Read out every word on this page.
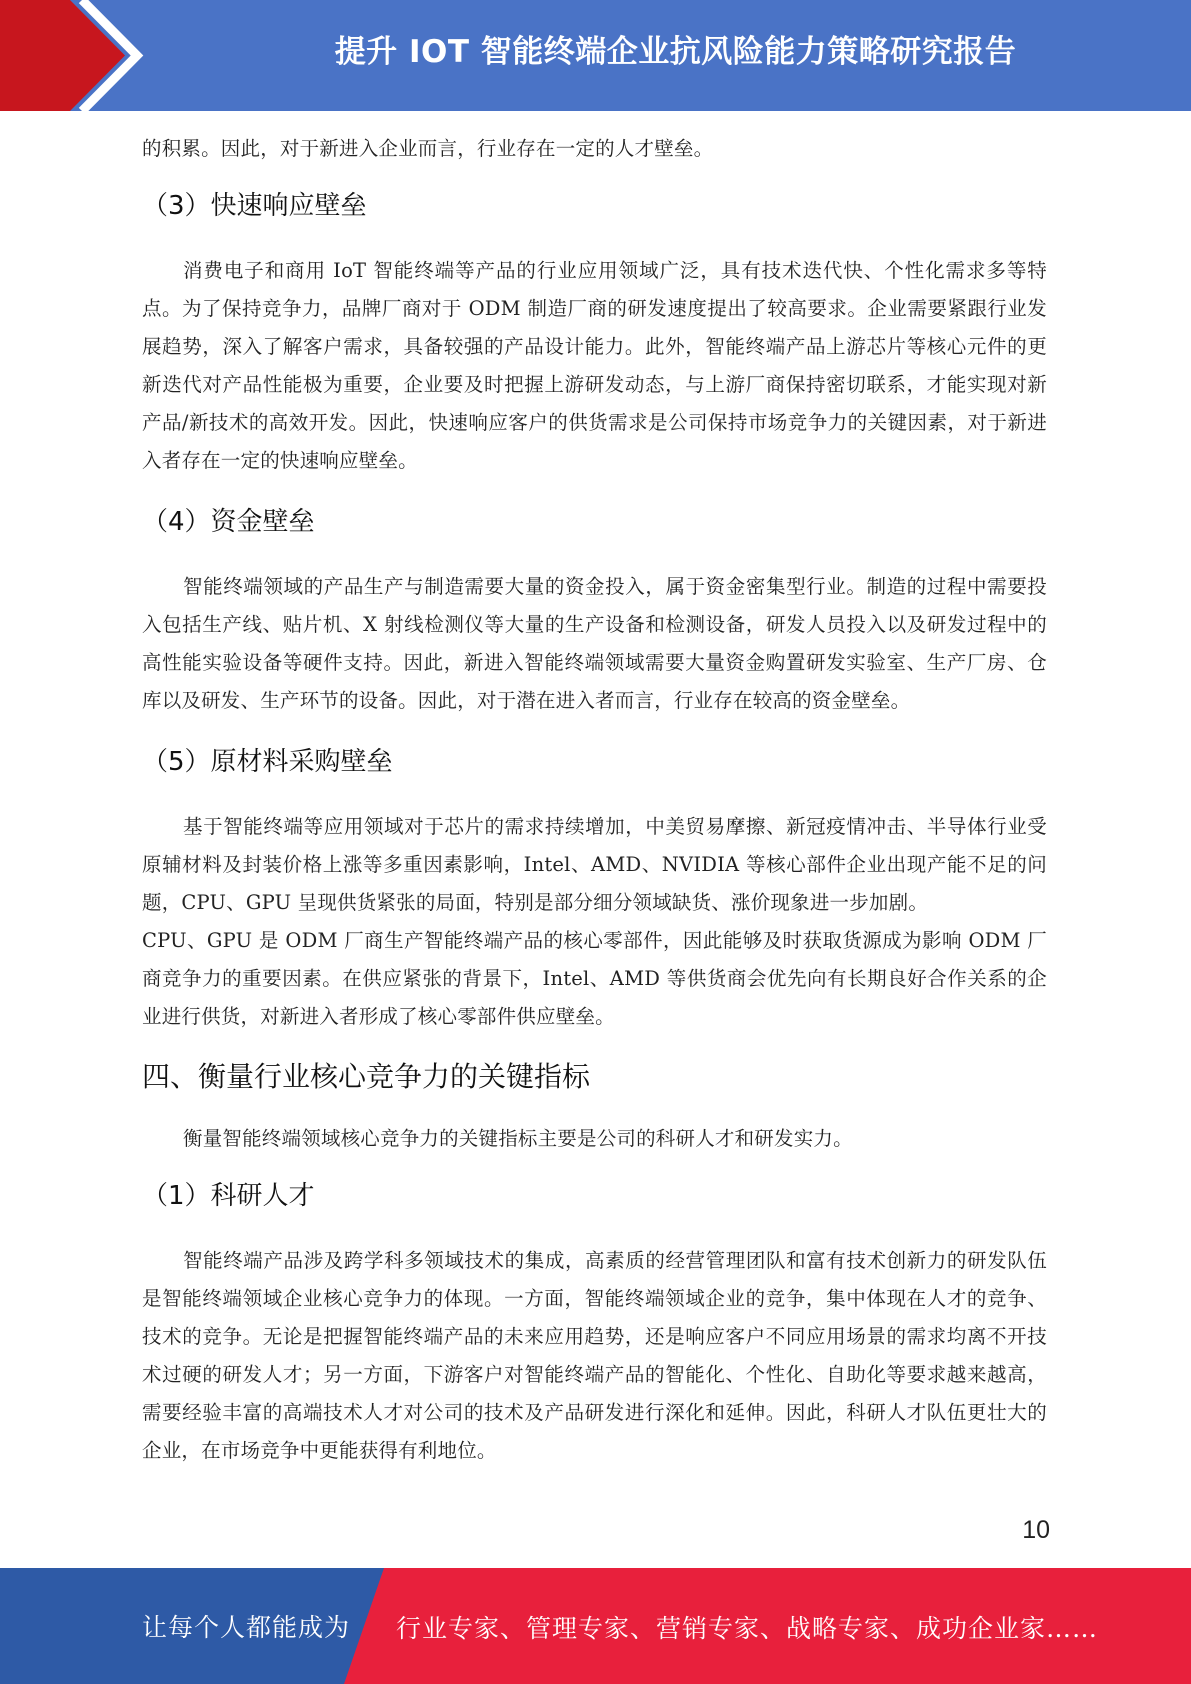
提升 IOT 智能终端企业抗风险能力策略研究报告

的积累。因此，对于新进入企业而言，行业存在一定的人才壁垒。

（3）快速响应壁垒

消费电子和商用 IoT 智能终端等产品的行业应用领域广泛，具有技术迭代快、个性化需求多等特点。为了保持竞争力，品牌厂商对于 ODM 制造厂商的研发速度提出了较高要求。企业需要紧跟行业发展趋势，深入了解客户需求，具备较强的产品设计能力。此外，智能终端产品上游芯片等核心元件的更新迭代对产品性能极为重要，企业要及时把握上游研发动态，与上游厂商保持密切联系，才能实现对新产品/新技术的高效开发。因此，快速响应客户的供货需求是公司保持市场竞争力的关键因素，对于新进入者存在一定的快速响应壁垒。

（4）资金壁垒

智能终端领域的产品生产与制造需要大量的资金投入，属于资金密集型行业。制造的过程中需要投入包括生产线、贴片机、X 射线检测仪等大量的生产设备和检测设备，研发人员投入以及研发过程中的高性能实验设备等硬件支持。因此，新进入智能终端领域需要大量资金购置研发实验室、生产厂房、仓库以及研发、生产环节的设备。因此，对于潜在进入者而言，行业存在较高的资金壁垒。

（5）原材料采购壁垒

基于智能终端等应用领域对于芯片的需求持续增加，中美贸易摩擦、新冠疫情冲击、半导体行业受原辅材料及封装价格上涨等多重因素影响，Intel、AMD、NVIDIA 等核心部件企业出现产能不足的问题，CPU、GPU 呈现供货紧张的局面，特别是部分细分领域缺货、涨价现象进一步加剧。

CPU、GPU 是 ODM 厂商生产智能终端产品的核心零部件，因此能够及时获取货源成为影响 ODM 厂商竞争力的重要因素。在供应紧张的背景下，Intel、AMD 等供货商会优先向有长期良好合作关系的企业进行供货，对新进入者形成了核心零部件供应壁垒。

四、衡量行业核心竞争力的关键指标

衡量智能终端领域核心竞争力的关键指标主要是公司的科研人才和研发实力。

（1）科研人才

智能终端产品涉及跨学科多领域技术的集成，高素质的经营管理团队和富有技术创新力的研发队伍是智能终端领域企业核心竞争力的体现。一方面，智能终端领域企业的竞争，集中体现在人才的竞争、技术的竞争。无论是把握智能终端产品的未来应用趋势，还是响应客户不同应用场景的需求均离不开技术过硬的研发人才；另一方面，下游客户对智能终端产品的智能化、个性化、自助化等要求越来越高，需要经验丰富的高端技术人才对公司的技术及产品研发进行深化和延伸。因此，科研人才队伍更壮大的企业，在市场竞争中更能获得有利地位。

10
让每个人都能成为 行业专家、管理专家、营销专家、战略专家、成功企业家……
